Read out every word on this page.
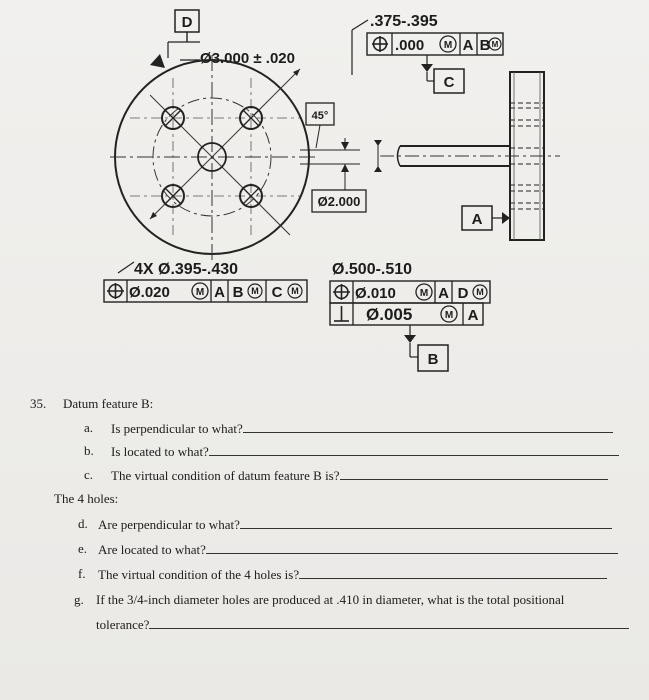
D
Ø3.000 ± .020
45°
Ø2.000
.375-.395
.000 M A B M
C
A
4X Ø.395-.430
Ø.020	M A B M C M
Ø.500-.510
Ø.010 M A D M
Ø.005	M A
B
35. Datum feature B:
a. Is perpendicular to what?
b. Is located to what?
c. The virtual condition of datum feature B is?
The 4 holes:
d. Are perpendicular to what?
e. Are located to what?
f. The virtual condition of the 4 holes is?
g. If the 3/4-inch diameter holes are produced at .410 in diameter, what is the total positional
tolerance?
